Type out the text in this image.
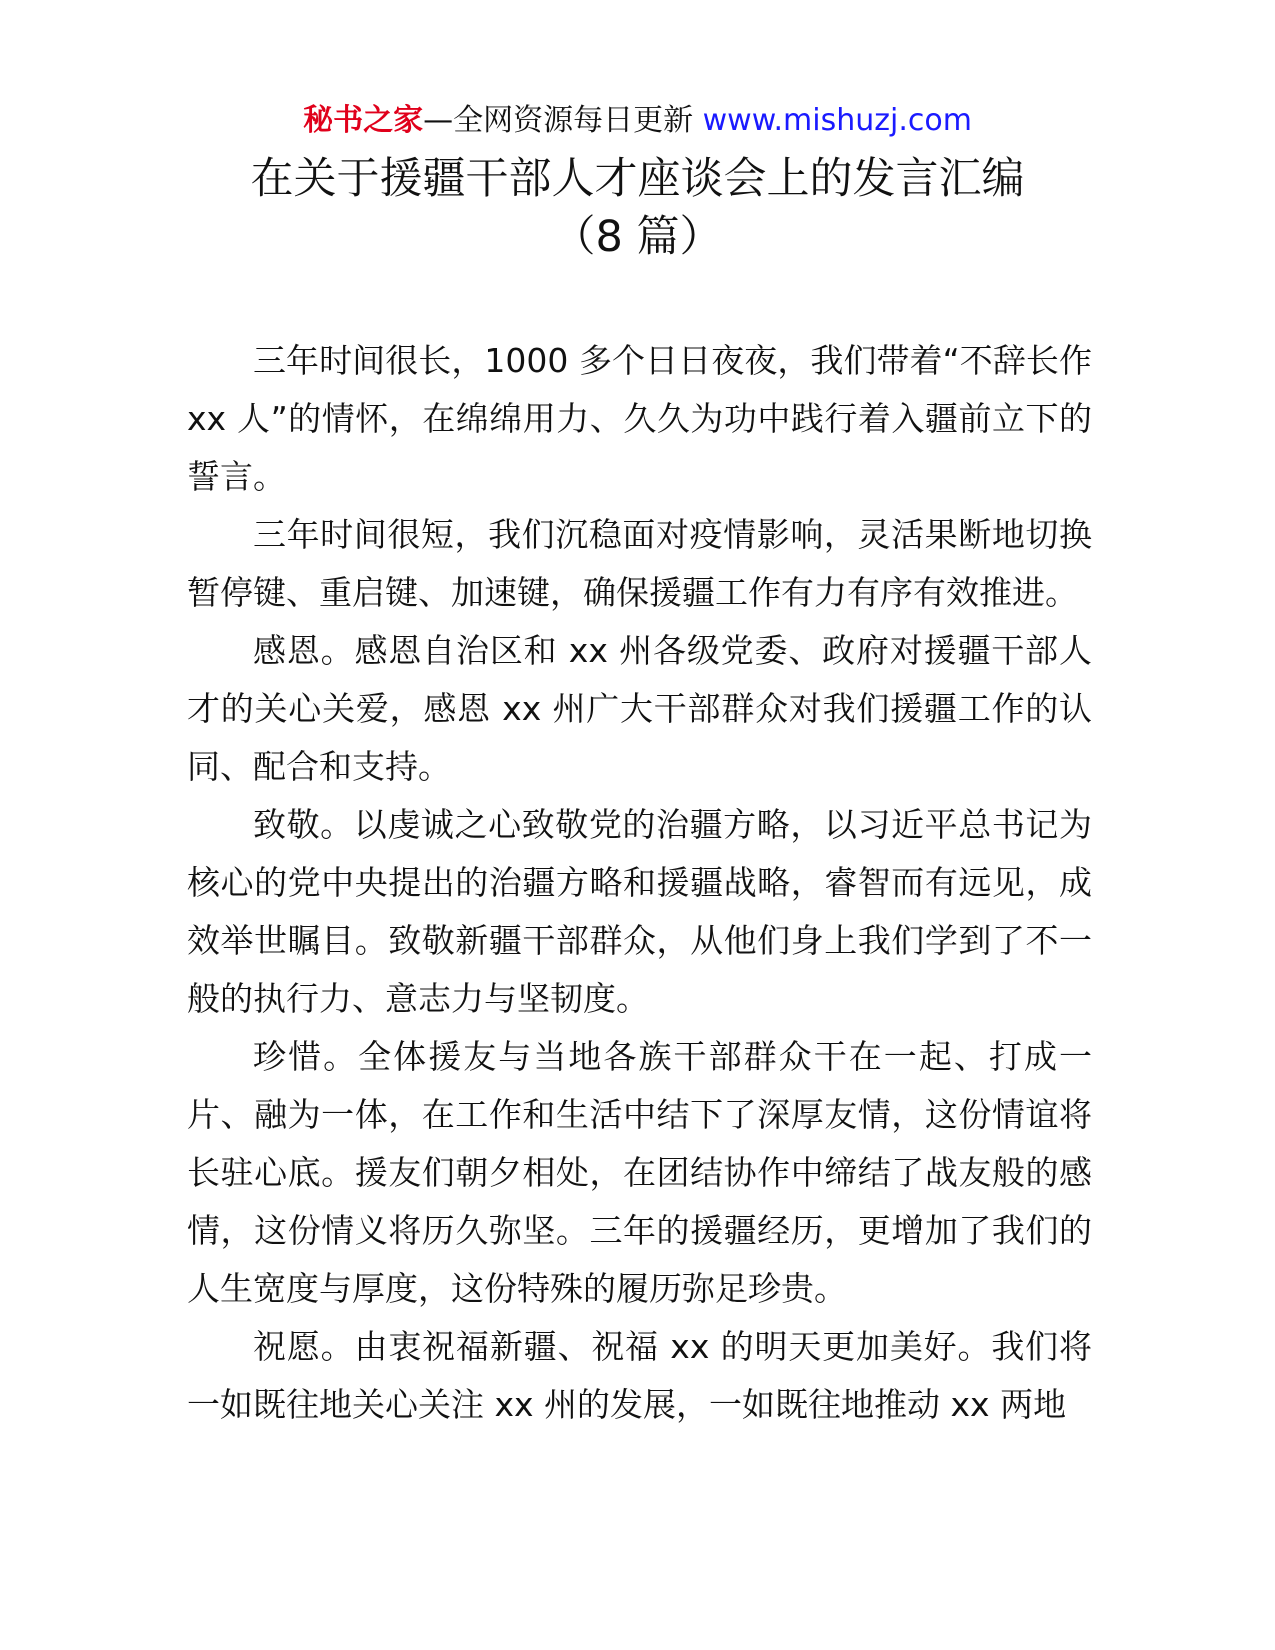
秘书之家—全网资源每日更新 www.mishuzj.com
在关于援疆干部人才座谈会上的发言汇编
（8 篇）

三年时间很长，1000 多个日日夜夜，我们带着“不辞长作 xx 人”的情怀，在绵绵用力、久久为功中践行着入疆前立下的誓言。

三年时间很短，我们沉稳面对疫情影响，灵活果断地切换暂停键、重启键、加速键，确保援疆工作有力有序有效推进。

感恩。感恩自治区和 xx 州各级党委、政府对援疆干部人才的关心关爱，感恩 xx 州广大干部群众对我们援疆工作的认同、配合和支持。

致敬。以虔诚之心致敬党的治疆方略，以习近平总书记为核心的党中央提出的治疆方略和援疆战略，睿智而有远见，成效举世瞩目。致敬新疆干部群众，从他们身上我们学到了不一般的执行力、意志力与坚韧度。

珍惜。全体援友与当地各族干部群众干在一起、打成一片、融为一体，在工作和生活中结下了深厚友情，这份情谊将长驻心底。援友们朝夕相处，在团结协作中缔结了战友般的感情，这份情义将历久弥坚。三年的援疆经历，更增加了我们的人生宽度与厚度，这份特殊的履历弥足珍贵。

祝愿。由衷祝福新疆、祝福 xx 的明天更加美好。我们将一如既往地关心关注 xx 州的发展，一如既往地推动 xx 两地
